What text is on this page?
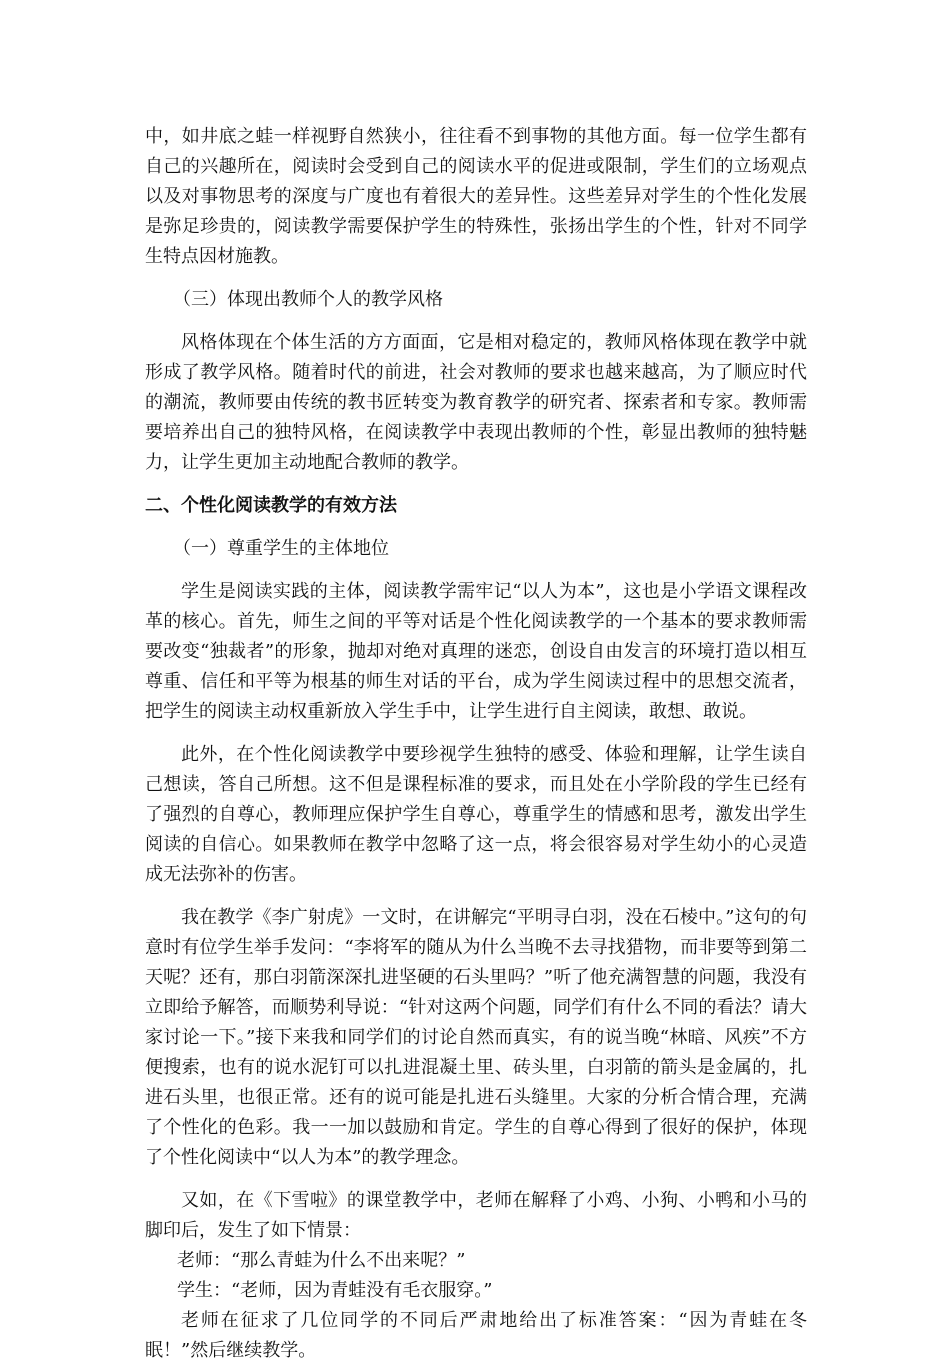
中，如井底之蛙一样视野自然狭小，往往看不到事物的其他方面。每一位学生都有自己的兴趣所在，阅读时会受到自己的阅读水平的促进或限制，学生们的立场观点以及对事物思考的深度与广度也有着很大的差异性。这些差异对学生的个性化发展是弥足珍贵的，阅读教学需要保护学生的特殊性，张扬出学生的个性，针对不同学生特点因材施教。

（三）体现出教师个人的教学风格

风格体现在个体生活的方方面面，它是相对稳定的，教师风格体现在教学中就形成了教学风格。随着时代的前进，社会对教师的要求也越来越高，为了顺应时代的潮流，教师要由传统的教书匠转变为教育教学的研究者、探索者和专家。教师需要培养出自己的独特风格，在阅读教学中表现出教师的个性，彰显出教师的独特魅力，让学生更加主动地配合教师的教学。

二、个性化阅读教学的有效方法

（一）尊重学生的主体地位

学生是阅读实践的主体，阅读教学需牢记“以人为本”，这也是小学语文课程改革的核心。首先，师生之间的平等对话是个性化阅读教学的一个基本的要求教师需要改变“独裁者”的形象，抛却对绝对真理的迷恋，创设自由发言的环境打造以相互尊重、信任和平等为根基的师生对话的平台，成为学生阅读过程中的思想交流者，把学生的阅读主动权重新放入学生手中，让学生进行自主阅读，敢想、敢说。

此外，在个性化阅读教学中要珍视学生独特的感受、体验和理解，让学生读自己想读，答自己所想。这不但是课程标准的要求，而且处在小学阶段的学生已经有了强烈的自尊心，教师理应保护学生自尊心，尊重学生的情感和思考，激发出学生阅读的自信心。如果教师在教学中忽略了这一点，将会很容易对学生幼小的心灵造成无法弥补的伤害。

我在教学《李广射虎》一文时，在讲解完“平明寻白羽，没在石棱中。”这句的句意时有位学生举手发问：“李将军的随从为什么当晚不去寻找猎物，而非要等到第二天呢？还有，那白羽箭深深扎进坚硬的石头里吗？”听了他充满智慧的问题，我没有立即给予解答，而顺势利导说：“针对这两个问题，同学们有什么不同的看法？请大家讨论一下。”接下来我和同学们的讨论自然而真实，有的说当晚“林暗、风疾”不方便搜索，也有的说水泥钉可以扎进混凝土里、砖头里，白羽箭的箭头是金属的，扎进石头里，也很正常。还有的说可能是扎进石头缝里。大家的分析合情合理，充满了个性化的色彩。我一一加以鼓励和肯定。学生的自尊心得到了很好的保护，体现了个性化阅读中“以人为本”的教学理念。

又如，在《下雪啦》的课堂教学中，老师在解释了小鸡、小狗、小鸭和小马的脚印后，发生了如下情景：

老师：“那么青蛙为什么不出来呢？”

学生：“老师，因为青蛙没有毛衣服穿。”

老师在征求了几位同学的不同后严肃地给出了标准答案：“因为青蛙在冬眠！”然后继续教学。
